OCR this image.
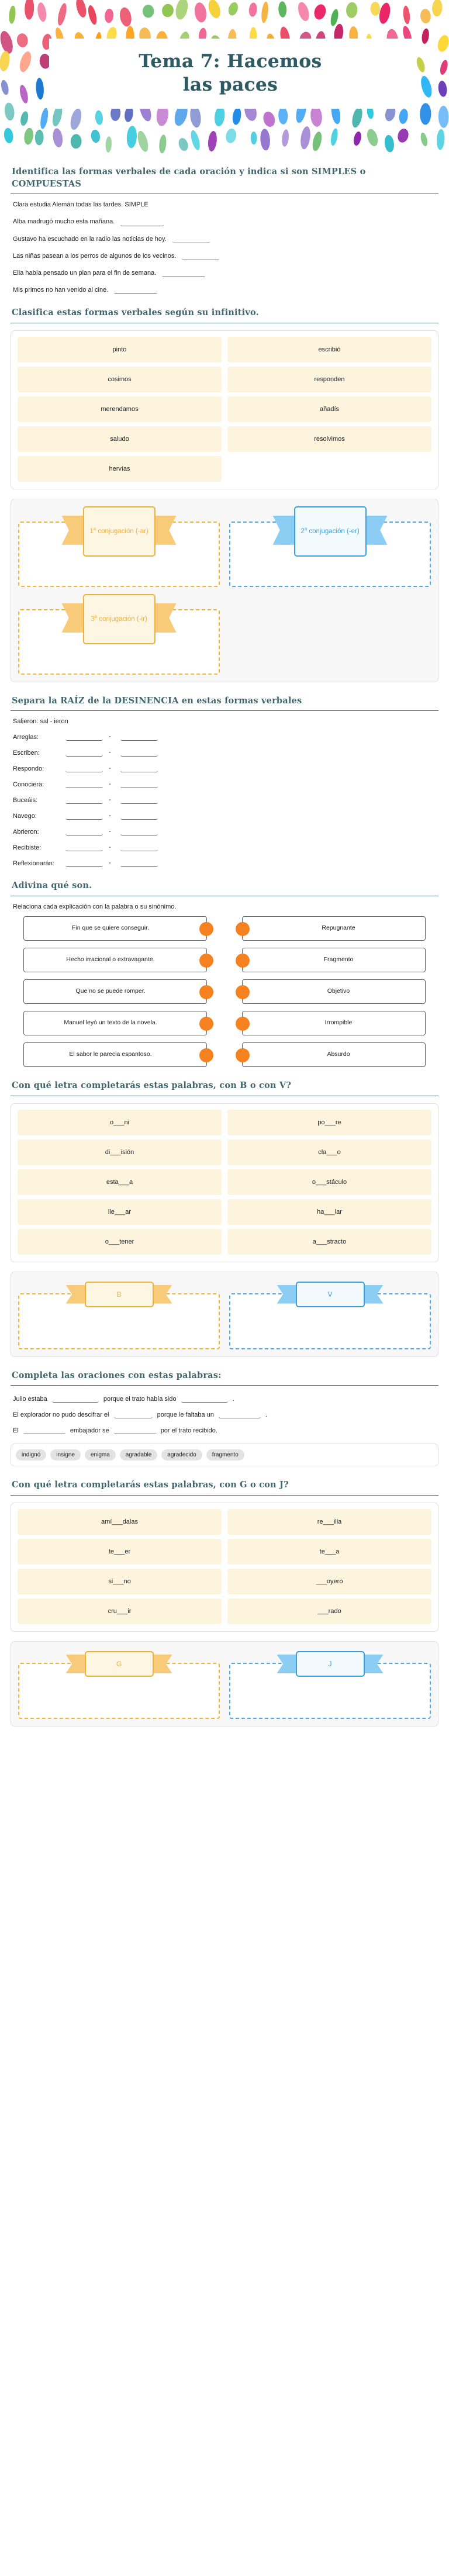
Tema 7: Hacemos
las paces
Identifica las formas verbales de cada oración y indica si son SIMPLES o COMPUESTAS
Clara estudia Alemán todas las tardes. SIMPLE
Alba madrugó mucho esta mañana.
Gustavo ha escuchado en la radio las noticias de hoy.
Las niñas pasean a los perros de algunos de los vecinos.
Ella había pensado un plan para el fin de semana.
Mis primos no han venido al cine.
Clasifica estas formas verbales según su infinitivo.
pinto	escribió
cosimos	responden
merendamos	añadís
saludo	resolvimos
hervías
1$^a$ conjugación (-ar)	2$^a$ conjugación (-er)
3$^a$ conjugación (-ir)
Separa la RAÍZ de la DESINENCIA en estas formas verbales
Salieron: sal - ieron
Arreglas:	-
Escriben:	-
Respondo:	-
Conociera:	-
Buceáis:	-
Navego:	-
Abrieron:	-
Recibiste:	-
Reflexionarán:	-
Adivina qué son.
Relaciona cada explicación con la palabra o su sinónimo.
Fin que se quiere conseguir.	Repugnante
Hecho irracional o extravagante.	Fragmento
Que no se puede romper.	Objetivo
Manuel leyó un texto de la novela.	Irrompible
El sabor le parecia espantoso.	Absurdo
Con qué letra completarás estas palabras, con B o con V?
o___ni	po___re
di___isión	cla___o
esta___a	o___stáculo
lle___ar	ha___lar
o___tener	a___stracto
B	V
Completa las oraciones con estas palabras:
Julio estaba	porque el trato había sido	.
El explorador no pudo descifrar el	porque le faltaba un	.
El	embajador se	por el trato recibido.
indignó	insigne	enigma	agradable	agradecido	fragmento
Con qué letra completarás estas palabras, con G o con J?
amí___dalas	re___illa
te___er	te___a
si___no	___oyero
cru___ir	___rado
G	J
